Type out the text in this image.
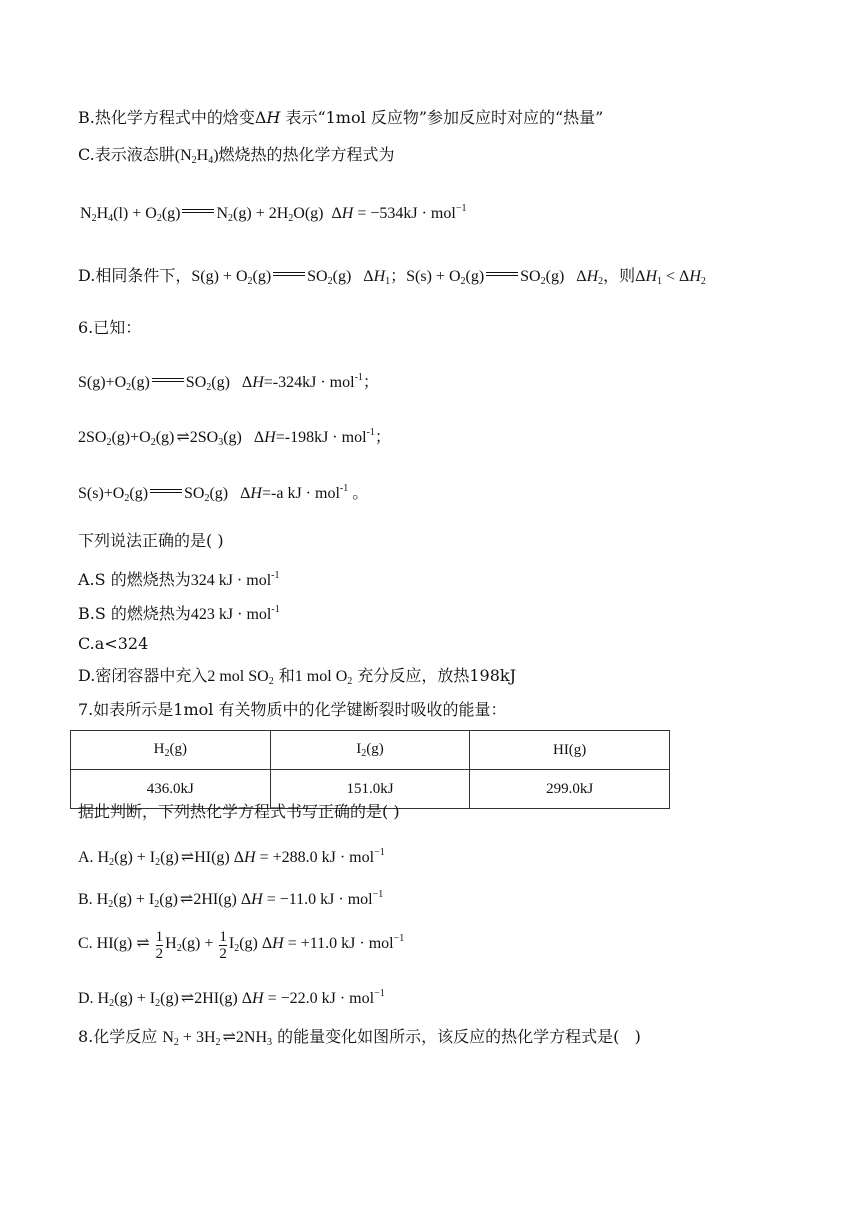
B.热化学方程式中的焓变ΔH 表示“1mol 反应物”参加反应时对应的“热量”
C.表示液态肼$(N_2H_4)$燃烧热的热化学方程式为
$N_2H_4(l) + O_2(g) N_2(g) + 2H_2O(g) \Delta H = -534kJ \cdot mol^{-1}$
D.相同条件下，$S(g) + O_2(g)$ $SO_2(g)$   $\Delta H_1$；$S(s) + O_2(g)$ $SO_2(g)$   $\Delta H_2$，则$\Delta H_1 < \Delta H_2$
6.已知：
$S(g)+O_2(g)$ $SO_2(g) \Delta H=-324kJ \cdot mol^{-1}$；
$2SO_2(g)+O_2(g)$ ⇌ $2SO_3(g) \Delta H=-198kJ \cdot mol^{-1}$；
$S(s)+O_2(g)$ $SO_2(g)$   ΔH=-a kJ · mol$^{-1}$ 。
下列说法正确的是( )
A.S 的燃烧热为324 kJ · mol$^{-1}$
B.S 的燃烧热为423 kJ · mol$^{-1}$
C.a<324
D.密闭容器中充入2 mol $SO_2$ 和1 mol $O_2$ 充分反应，放热198kJ
7.如表所示是1mol 有关物质中的化学键断裂时吸收的能量：
$H_2(g)$	$I_2(g)$	HI(g)
436.0kJ	151.0kJ	299.0kJ
据此判断，下列热化学方程式书写正确的是( )
A. $H_2(g) + I_2(g)$ ⇌ HI(g) ΔH = +288.0 kJ · mol$^{-1}$
B. $H_2(g) + I_2(g)$ ⇌ 2HI(g) ΔH = −11.0 kJ · mol$^{-1}$
C. HI(g) ⇌ $\frac{1}{2} H_2(g) + \frac{1}{2} I_2(g) \Delta H = +11.0$ kJ · mol$^{-1}$
D. $H_2(g) + I_2(g)$ ⇌ 2HI(g) ΔH = −22.0 kJ · mol$^{-1}$
8.化学反应 $N_2 + 3H_2$ ⇌ $2NH_3$ 的能量变化如图所示，该反应的热化学方程式是(   )
